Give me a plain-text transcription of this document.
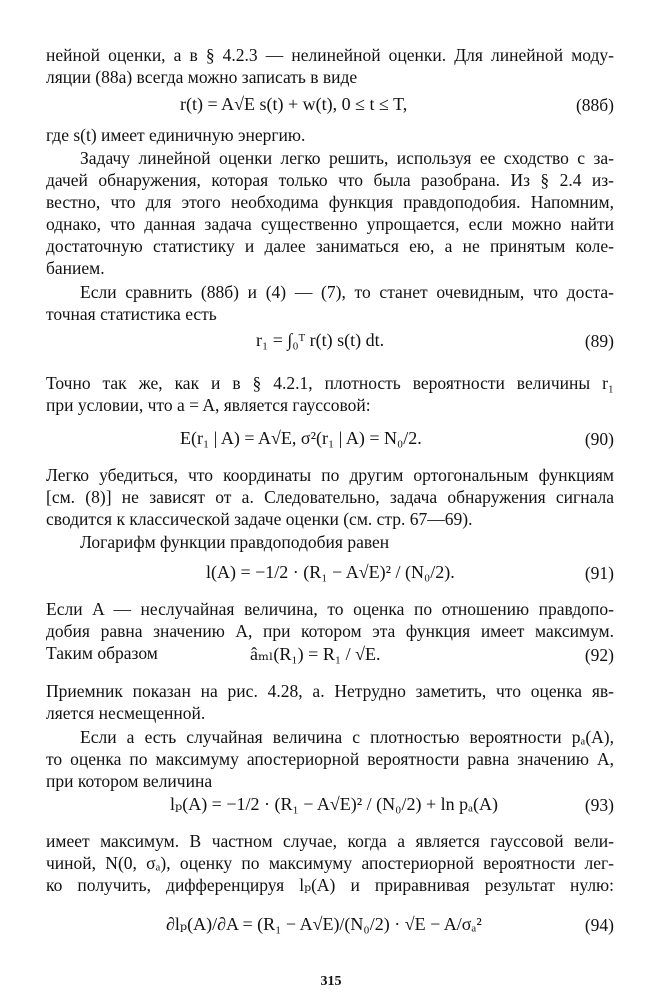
нейной оценки, а в § 4.2.3 — нелинейной оценки. Для линейной моду-
ляции (88а) всегда можно записать в виде
r(t) = A√E s(t) + w(t), 0 ≤ t ≤ T,	(88б)
где s(t) имеет единичную энергию.
Задачу линейной оценки легко решить, используя ее сходство с за-
дачей обнаружения, которая только что была разобрана. Из § 2.4 из-
вестно, что для этого необходима функция правдоподобия. Напомним,
однако, что данная задача существенно упрощается, если можно найти
достаточную статистику и далее заниматься ею, а не принятым коле-
банием.
Если сравнить (88б) и (4) — (7), то станет очевидным, что доста-
точная статистика есть
r₁ = ∫₀ᵀ r(t) s(t) dt.	(89)
Точно так же, как и в § 4.2.1, плотность вероятности величины r₁
при условии, что a = A, является гауссовой:
E(r₁ | A) = A√E, σ²(r₁ | A) = N₀/2.	(90)
Легко убедиться, что координаты по другим ортогональным функциям
[см. (8)] не зависят от a. Следовательно, задача обнаружения сигнала
сводится к классической задаче оценки (см. стр. 67—69).
Логарифм функции правдоподобия равен
l(A) = −1/2 · (R₁ − A√E)² / (N₀/2).	(91)
Если A — неслучайная величина, то оценка по отношению правдопо-
добия равна значению A, при котором эта функция имеет максимум.
Таким образом	âₘₗ(R₁) = R₁ / √E.	(92)
Приемник показан на рис. 4.28, a. Нетрудно заметить, что оценка яв-
ляется несмещенной.
Если a есть случайная величина с плотностью вероятности pₐ(A),
то оценка по максимуму апостериорной вероятности равна значению A,
при котором величина
lₚ(A) = −1/2 · (R₁ − A√E)² / (N₀/2) + ln pₐ(A)	(93)
имеет максимум. В частном случае, когда a является гауссовой вели-
чиной, N(0, σₐ), оценку по максимуму апостериорной вероятности лег-
ко получить, дифференцируя lₚ(A) и приравнивая результат нулю:
∂lₚ(A)/∂A = (R₁ − A√E)/(N₀/2) · √E − A/σₐ²	(94)
315
